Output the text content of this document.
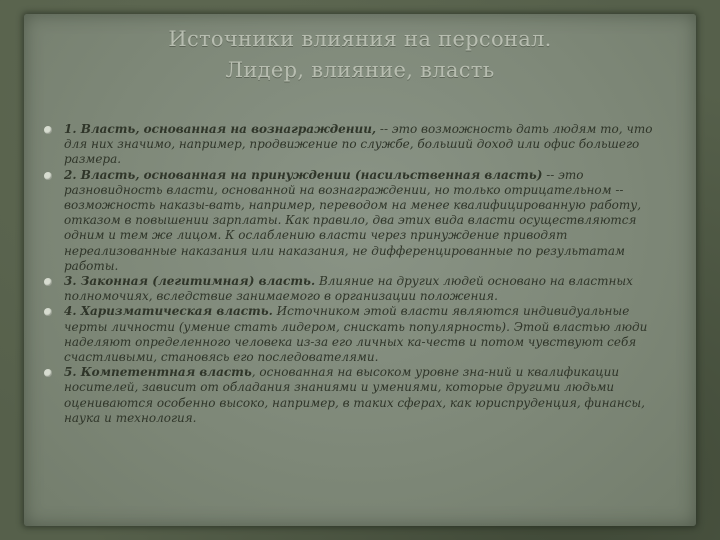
Источники влияния на персонал.
Лидер, влияние, власть
1. Власть, основанная на вознаграждении, -- это возможность дать людям то, что для них значимо, например, продвижение по службе, больший доход или офис большего размера.
2. Власть, основанная на принуждении (насильственная власть) -- это разновидность власти, основанной на вознаграждении, но только отрицательном -- возможность наказы-вать, например, переводом на менее квалифицированную работу, отказом в повышении зарплаты. Как правило, два этих вида власти осуществляются одним и тем же лицом. К ослаблению власти через принуждение приводят нереализованные наказания или наказания, не дифференцированные по результатам работы.
3. Законная (легитимная) власть. Влияние на других людей основано на властных полномочиях, вследствие занимаемого в организации положения.
4. Харизматическая власть. Источником этой власти являются индивидуальные черты личности (умение стать лидером, снискать популярность). Этой властью люди наделяют определенного человека из-за его личных ка-честв и потом чувствуют себя счастливыми, становясь его последователями.
5. Компетентная власть, основанная на высоком уровне зна-ний и квалификации носителей, зависит от обладания знаниями и умениями, которые другими людьми оцениваются особенно высоко, например, в таких сферах, как юриспруденция, финансы, наука и технология.
